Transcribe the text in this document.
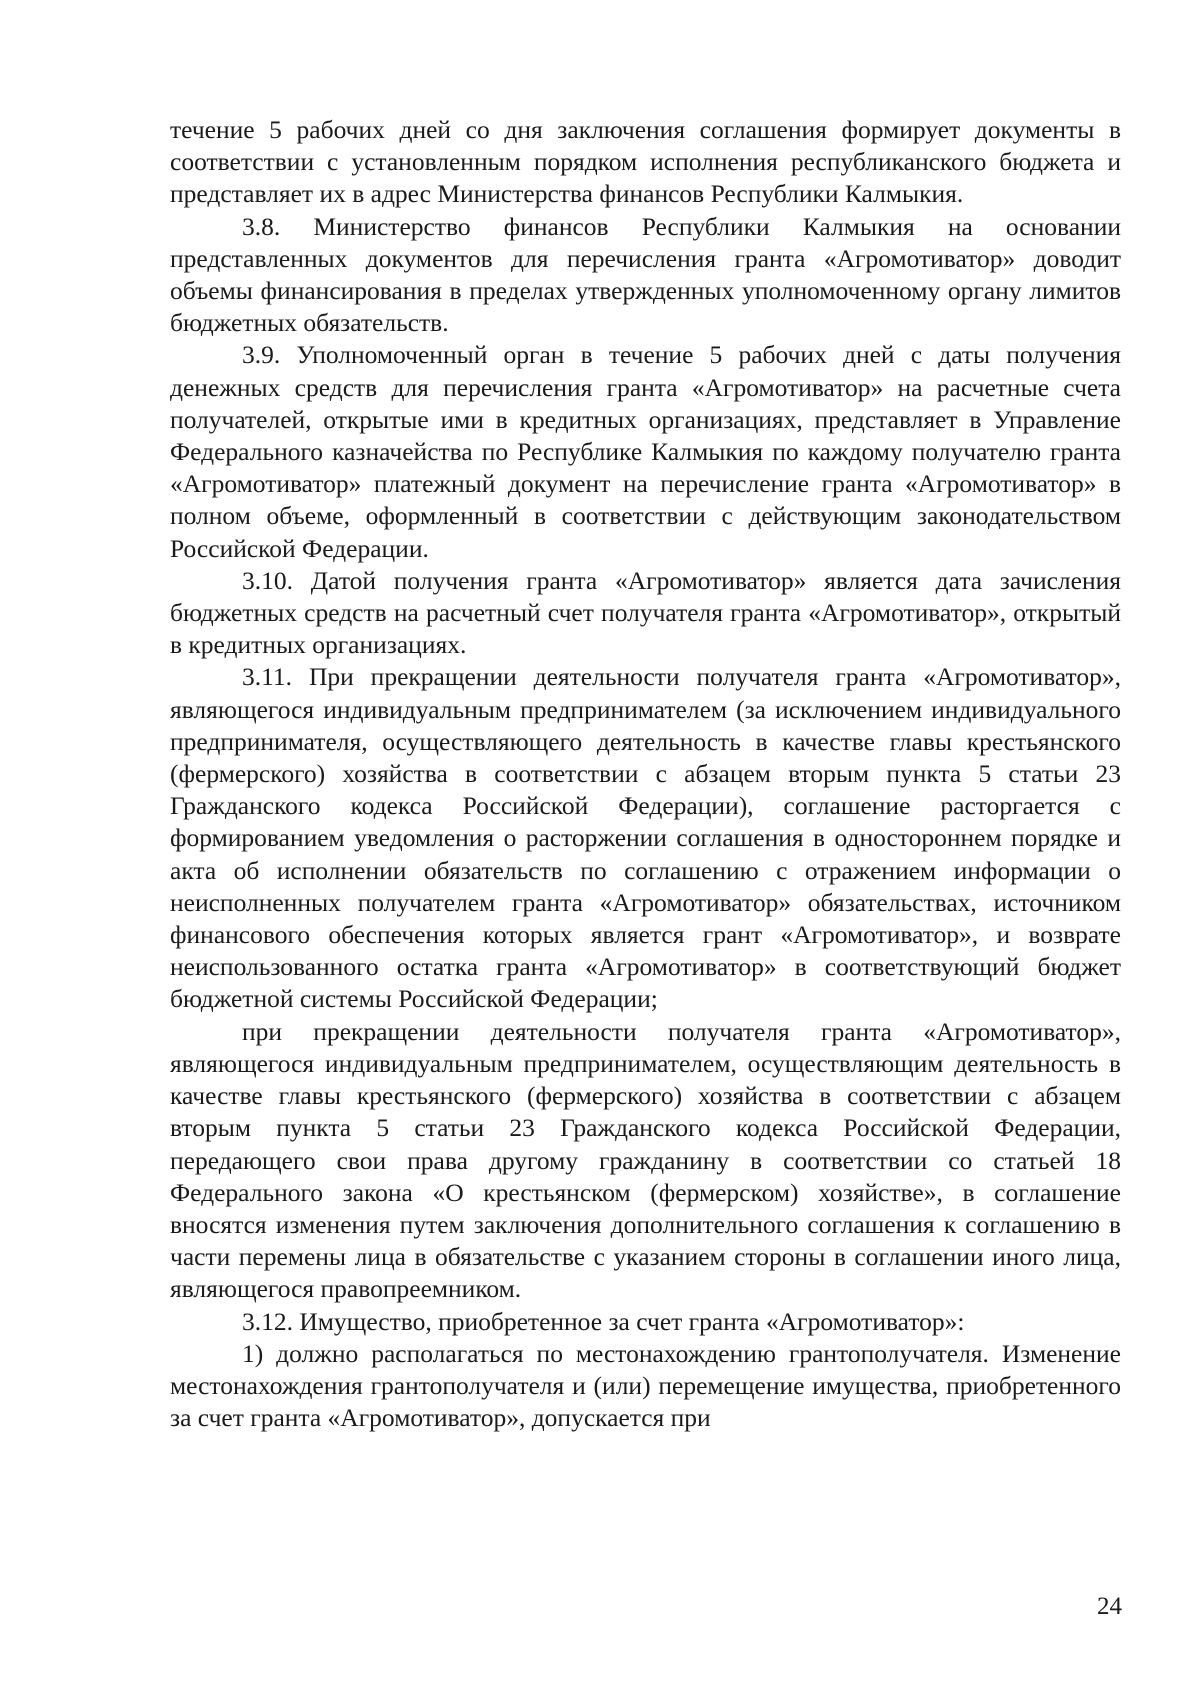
течение 5 рабочих дней со дня заключения соглашения формирует документы в соответствии с установленным порядком исполнения республиканского бюджета и представляет их в адрес Министерства финансов Республики Калмыкия.

3.8. Министерство финансов Республики Калмыкия на основании представленных документов для перечисления гранта «Агромотиватор» доводит объемы финансирования в пределах утвержденных уполномоченному органу лимитов бюджетных обязательств.

3.9. Уполномоченный орган в течение 5 рабочих дней с даты получения денежных средств для перечисления гранта «Агромотиватор» на расчетные счета получателей, открытые ими в кредитных организациях, представляет в Управление Федерального казначейства по Республике Калмыкия по каждому получателю гранта «Агромотиватор» платежный документ на перечисление гранта «Агромотиватор» в полном объеме, оформленный в соответствии с действующим законодательством Российской Федерации.

3.10. Датой получения гранта «Агромотиватор» является дата зачисления бюджетных средств на расчетный счет получателя гранта «Агромотиватор», открытый в кредитных организациях.

3.11. При прекращении деятельности получателя гранта «Агромотиватор», являющегося индивидуальным предпринимателем (за исключением индивидуального предпринимателя, осуществляющего деятельность в качестве главы крестьянского (фермерского) хозяйства в соответствии с абзацем вторым пункта 5 статьи 23 Гражданского кодекса Российской Федерации), соглашение расторгается с формированием уведомления о расторжении соглашения в одностороннем порядке и акта об исполнении обязательств по соглашению с отражением информации о неисполненных получателем гранта «Агромотиватор» обязательствах, источником финансового обеспечения которых является грант «Агромотиватор», и возврате неиспользованного остатка гранта «Агромотиватор» в соответствующий бюджет бюджетной системы Российской Федерации;

при прекращении деятельности получателя гранта «Агромотиватор», являющегося индивидуальным предпринимателем, осуществляющим деятельность в качестве главы крестьянского (фермерского) хозяйства в соответствии с абзацем вторым пункта 5 статьи 23 Гражданского кодекса Российской Федерации, передающего свои права другому гражданину в соответствии со статьей 18 Федерального закона «О крестьянском (фермерском) хозяйстве», в соглашение вносятся изменения путем заключения дополнительного соглашения к соглашению в части перемены лица в обязательстве с указанием стороны в соглашении иного лица, являющегося правопреемником.

3.12. Имущество, приобретенное за счет гранта «Агромотиватор»:

1) должно располагаться по местонахождению грантополучателя. Изменение местонахождения грантополучателя и (или) перемещение имущества, приобретенного за счет гранта «Агромотиватор», допускается при

24
